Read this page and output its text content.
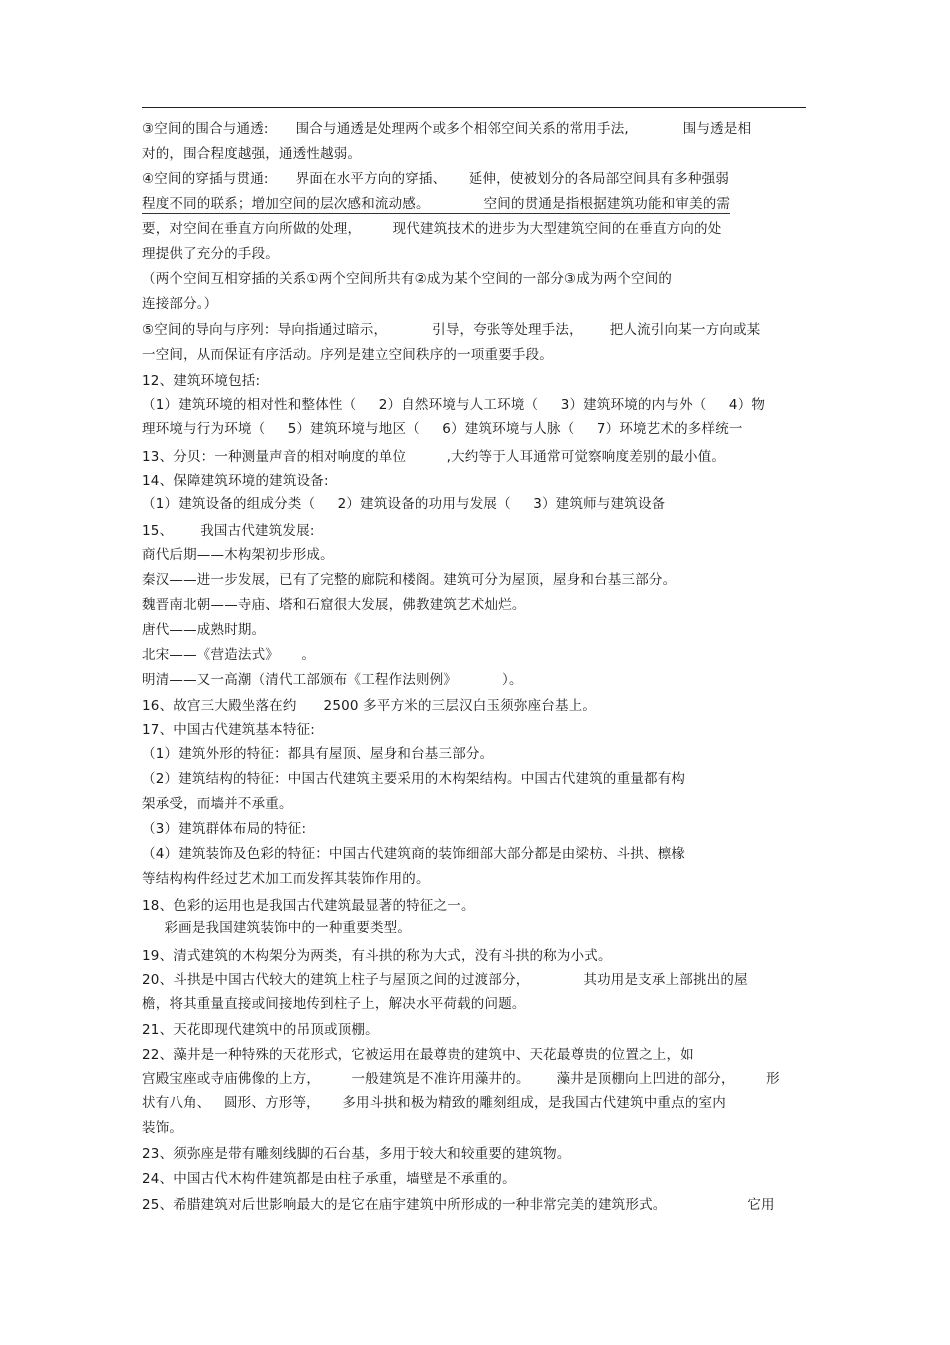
③空间的围合与通透:      围合与通透是处理两个或多个相邻空间关系的常用手法,            围与透是相
对的，围合程度越强，通透性越弱。
④空间的穿插与贯通:      界面在水平方向的穿插、     延伸，使被划分的各局部空间具有多种强弱
程度不同的联系；增加空间的层次感和流动感。            空间的贯通是指根据建筑功能和审美的需
要，对空间在垂直方向所做的处理，       现代建筑技术的进步为大型建筑空间的在垂直方向的处
理提供了充分的手段。
（两个空间互相穿插的关系①两个空间所共有②成为某个空间的一部分③成为两个空间的
连接部分。）
⑤空间的导向与序列：导向指通过暗示，          引导，夸张等处理手法，      把人流引向某一方向或某
一空间，从而保证有序活动。序列是建立空间秩序的一项重要手段。
12、建筑环境包括:
（1）建筑环境的相对性和整体性（     2）自然环境与人工环境（     3）建筑环境的内与外（     4）物
理环境与行为环境（     5）建筑环境与地区（     6）建筑环境与人脉（     7）环境艺术的多样统一
13、分贝：一种测量声音的相对响度的单位         ,大约等于人耳通常可觉察响度差别的最小值。
14、保障建筑环境的建筑设备:
（1）建筑设备的组成分类（     2）建筑设备的功用与发展（     3）建筑师与建筑设备
15、      我国古代建筑发展:
商代后期——木构架初步形成。
秦汉——进一步发展，已有了完整的廊院和楼阁。建筑可分为屋顶，屋身和台基三部分。
魏晋南北朝——寺庙、塔和石窟很大发展，佛教建筑艺术灿烂。
唐代——成熟时期。
北宋——《营造法式》     。
明清——又一高潮（清代工部颁布《工程作法则例》          ）。
16、故宫三大殿坐落在约      2500 多平方米的三层汉白玉须弥座台基上。
17、中国古代建筑基本特征:
（1）建筑外形的特征：都具有屋顶、屋身和台基三部分。
（2）建筑结构的特征：中国古代建筑主要采用的木构架结构。中国古代建筑的重量都有构
架承受，而墙并不承重。
（3）建筑群体布局的特征:
（4）建筑装饰及色彩的特征：中国古代建筑商的装饰细部大部分都是由梁枋、斗拱、檩椽
等结构构件经过艺术加工而发挥其装饰作用的。
18、色彩的运用也是我国古代建筑最显著的特征之一。
彩画是我国建筑装饰中的一种重要类型。
19、清式建筑的木构架分为两类，有斗拱的称为大式，没有斗拱的称为小式。
20、斗拱是中国古代较大的建筑上柱子与屋顶之间的过渡部分，            其功用是支承上部挑出的屋
檐，将其重量直接或间接地传到柱子上，解决水平荷载的问题。
21、天花即现代建筑中的吊顶或顶棚。
22、藻井是一种特殊的天花形式，它被运用在最尊贵的建筑中、天花最尊贵的位置之上，如
宫殿宝座或寺庙佛像的上方，       一般建筑是不准许用藻井的。      藻井是顶棚向上凹进的部分，       形
状有八角、   圆形、方形等，     多用斗拱和极为精致的雕刻组成，是我国古代建筑中重点的室内
装饰。
23、须弥座是带有雕刻线脚的石台基，多用于较大和较重要的建筑物。
24、中国古代木构件建筑都是由柱子承重，墙壁是不承重的。
25、希腊建筑对后世影响最大的是它在庙宇建筑中所形成的一种非常完美的建筑形式。                  它用
